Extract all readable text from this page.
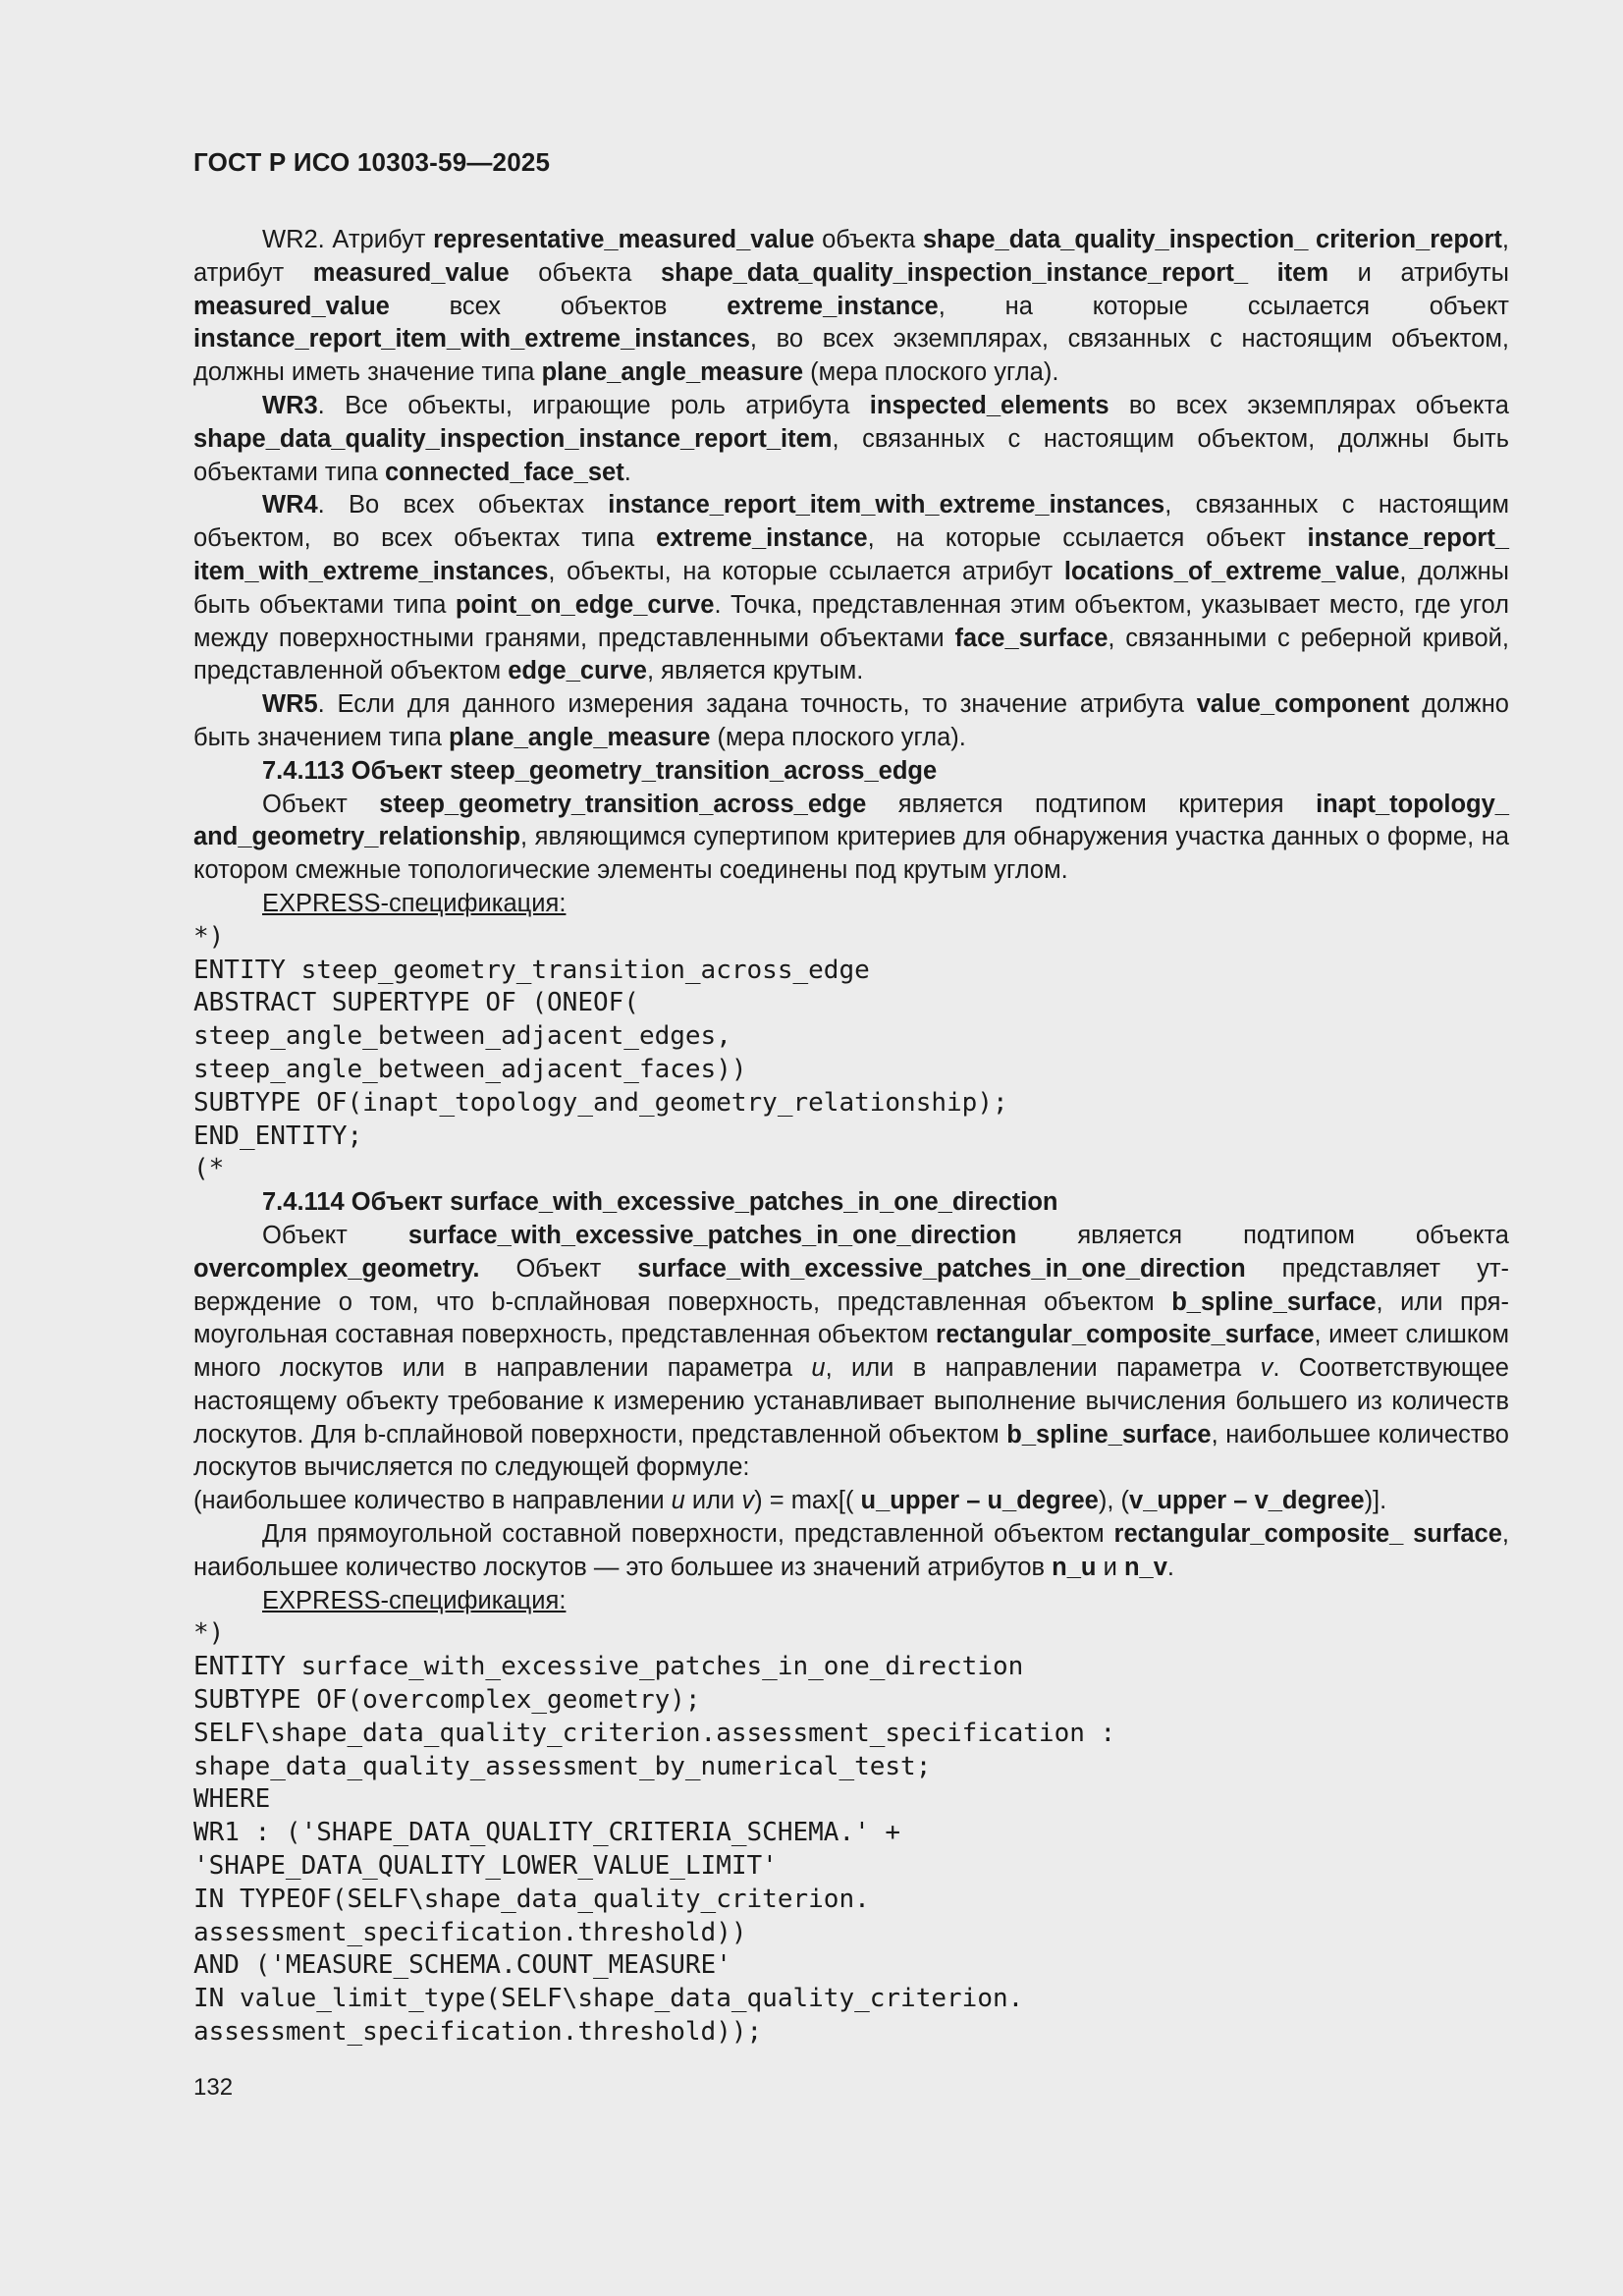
ГОСТ Р ИСО 10303-59—2025

WR2. Атрибут representative_measured_value объекта shape_data_quality_inspection_ criterion_report, атрибут measured_value объекта shape_data_quality_inspection_instance_report_ item и атрибуты measured_value всех объектов extreme_instance, на которые ссылается объект instance_report_item_with_extreme_instances, во всех экземплярах, связанных с настоящим объектом, должны иметь значение типа plane_angle_measure (мера плоского угла).

WR3. Все объекты, играющие роль атрибута inspected_elements во всех экземплярах объекта shape_data_quality_inspection_instance_report_item, связанных с настоящим объектом, должны быть объектами типа connected_face_set.

WR4. Во всех объектах instance_report_item_with_extreme_instances, связанных с настоящим объектом, во всех объектах типа extreme_instance, на которые ссылается объект instance_report_ item_with_extreme_instances, объекты, на которые ссылается атрибут locations_of_extreme_value, должны быть объектами типа point_on_edge_curve. Точка, представленная этим объектом, указывает место, где угол между поверхностными гранями, представленными объектами face_surface, связанными с реберной кривой, представленной объектом edge_curve, является крутым.

WR5. Если для данного измерения задана точность, то значение атрибута value_component должно быть значением типа plane_angle_measure (мера плоского угла).

7.4.113 Объект steep_geometry_transition_across_edge

Объект steep_geometry_transition_across_edge является подтипом критерия inapt_topology_ and_geometry_relationship, являющимся супертипом критериев для обнаружения участка данных о форме, на котором смежные топологические элементы соединены под крутым углом.

EXPRESS-спецификация:

*)
ENTITY steep_geometry_transition_across_edge
ABSTRACT SUPERTYPE OF (ONEOF(
steep_angle_between_adjacent_edges,
steep_angle_between_adjacent_faces))
SUBTYPE OF(inapt_topology_and_geometry_relationship);
END_ENTITY;
(*

7.4.114 Объект surface_with_excessive_patches_in_one_direction

Объект surface_with_excessive_patches_in_one_direction является подтипом объекта overcomplex_geometry. Объект surface_with_excessive_patches_in_one_direction представляет утверждение о том, что b-сплайновая поверхность, представленная объектом b_spline_surface, или прямоугольная составная поверхность, представленная объектом rectangular_composite_surface, имеет слишком много лоскутов или в направлении параметра u, или в направлении параметра v. Соответствующее настоящему объекту требование к измерению устанавливает выполнение вычисления большего из количеств лоскутов. Для b-сплайновой поверхности, представленной объектом b_spline_surface, наибольшее количество лоскутов вычисляется по следующей формуле:

(наибольшее количество в направлении u или v) = max[( u_upper – u_degree), (v_upper – v_degree)].

Для прямоугольной составной поверхности, представленной объектом rectangular_composite_ surface, наибольшее количество лоскутов — это большее из значений атрибутов n_u и n_v.

EXPRESS-спецификация:

*)
ENTITY surface_with_excessive_patches_in_one_direction
SUBTYPE OF(overcomplex_geometry);
SELF\shape_data_quality_criterion.assessment_specification :
shape_data_quality_assessment_by_numerical_test;
WHERE
WR1 : ('SHAPE_DATA_QUALITY_CRITERIA_SCHEMA.' +
'SHAPE_DATA_QUALITY_LOWER_VALUE_LIMIT'
IN TYPEOF(SELF\shape_data_quality_criterion.
assessment_specification.threshold))
AND ('MEASURE_SCHEMA.COUNT_MEASURE'
IN value_limit_type(SELF\shape_data_quality_criterion.
assessment_specification.threshold));
132
